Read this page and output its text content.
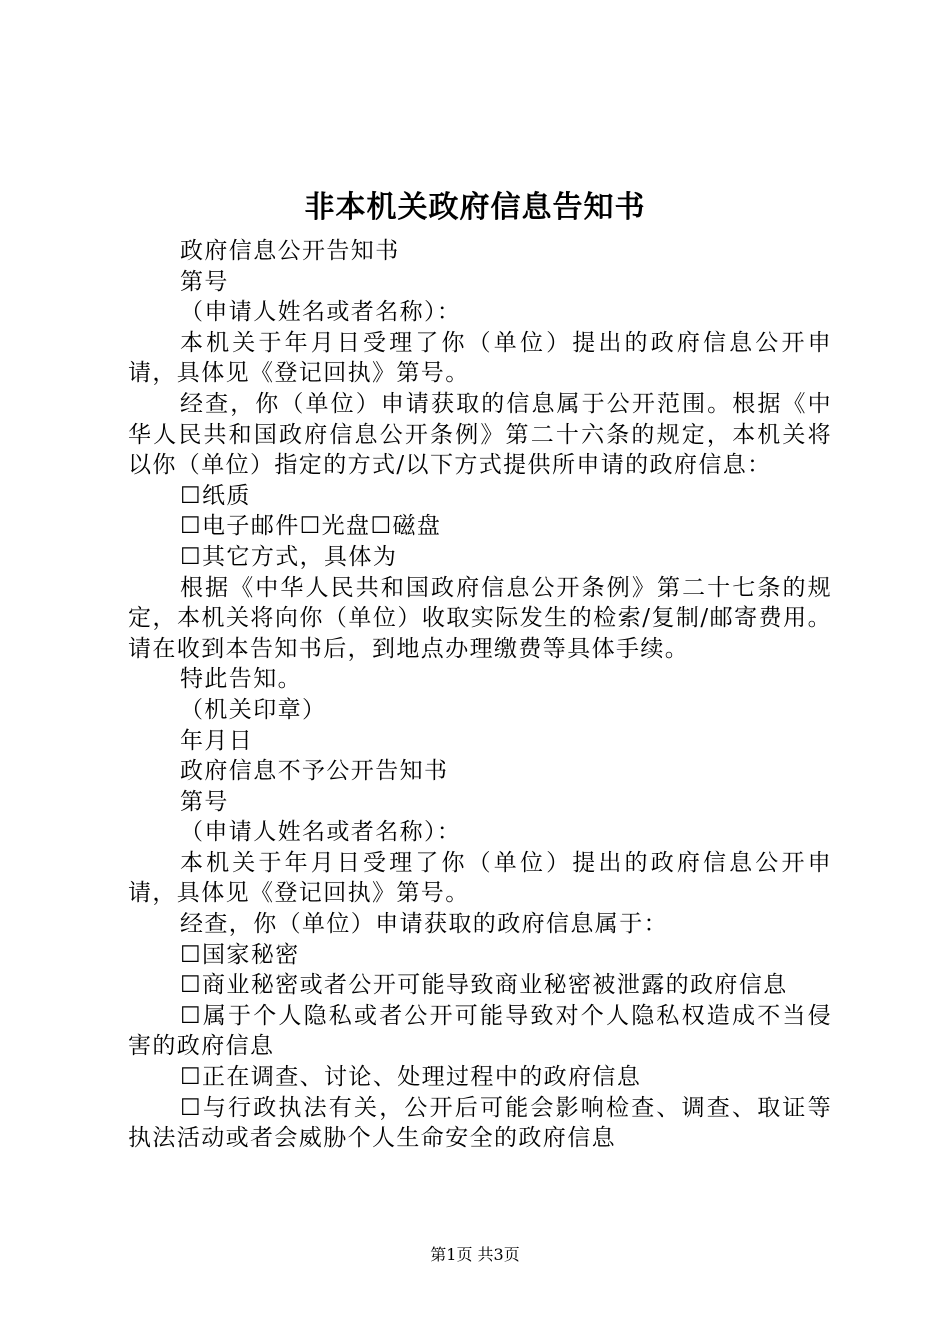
非本机关政府信息告知书

政府信息公开告知书

第号

（申请人姓名或者名称）：

本机关于年月日受理了你（单位）提出的政府信息公开申请，具体见《登记回执》第号。

经查，你（单位）申请获取的信息属于公开范围。根据《中华人民共和国政府信息公开条例》第二十六条的规定，本机关将以你（单位）指定的方式/以下方式提供所申请的政府信息：

☐纸质

☐电子邮件☐光盘☐磁盘

☐其它方式，具体为

根据《中华人民共和国政府信息公开条例》第二十七条的规定，本机关将向你（单位）收取实际发生的检索/复制/邮寄费用。请在收到本告知书后，到地点办理缴费等具体手续。

特此告知。

（机关印章）

年月日

政府信息不予公开告知书

第号

（申请人姓名或者名称）：

本机关于年月日受理了你（单位）提出的政府信息公开申请，具体见《登记回执》第号。

经查，你（单位）申请获取的政府信息属于：

☐国家秘密

☐商业秘密或者公开可能导致商业秘密被泄露的政府信息

☐属于个人隐私或者公开可能导致对个人隐私权造成不当侵害的政府信息

☐正在调查、讨论、处理过程中的政府信息

☐与行政执法有关，公开后可能会影响检查、调查、取证等执法活动或者会威胁个人生命安全的政府信息

第1页 共3页
